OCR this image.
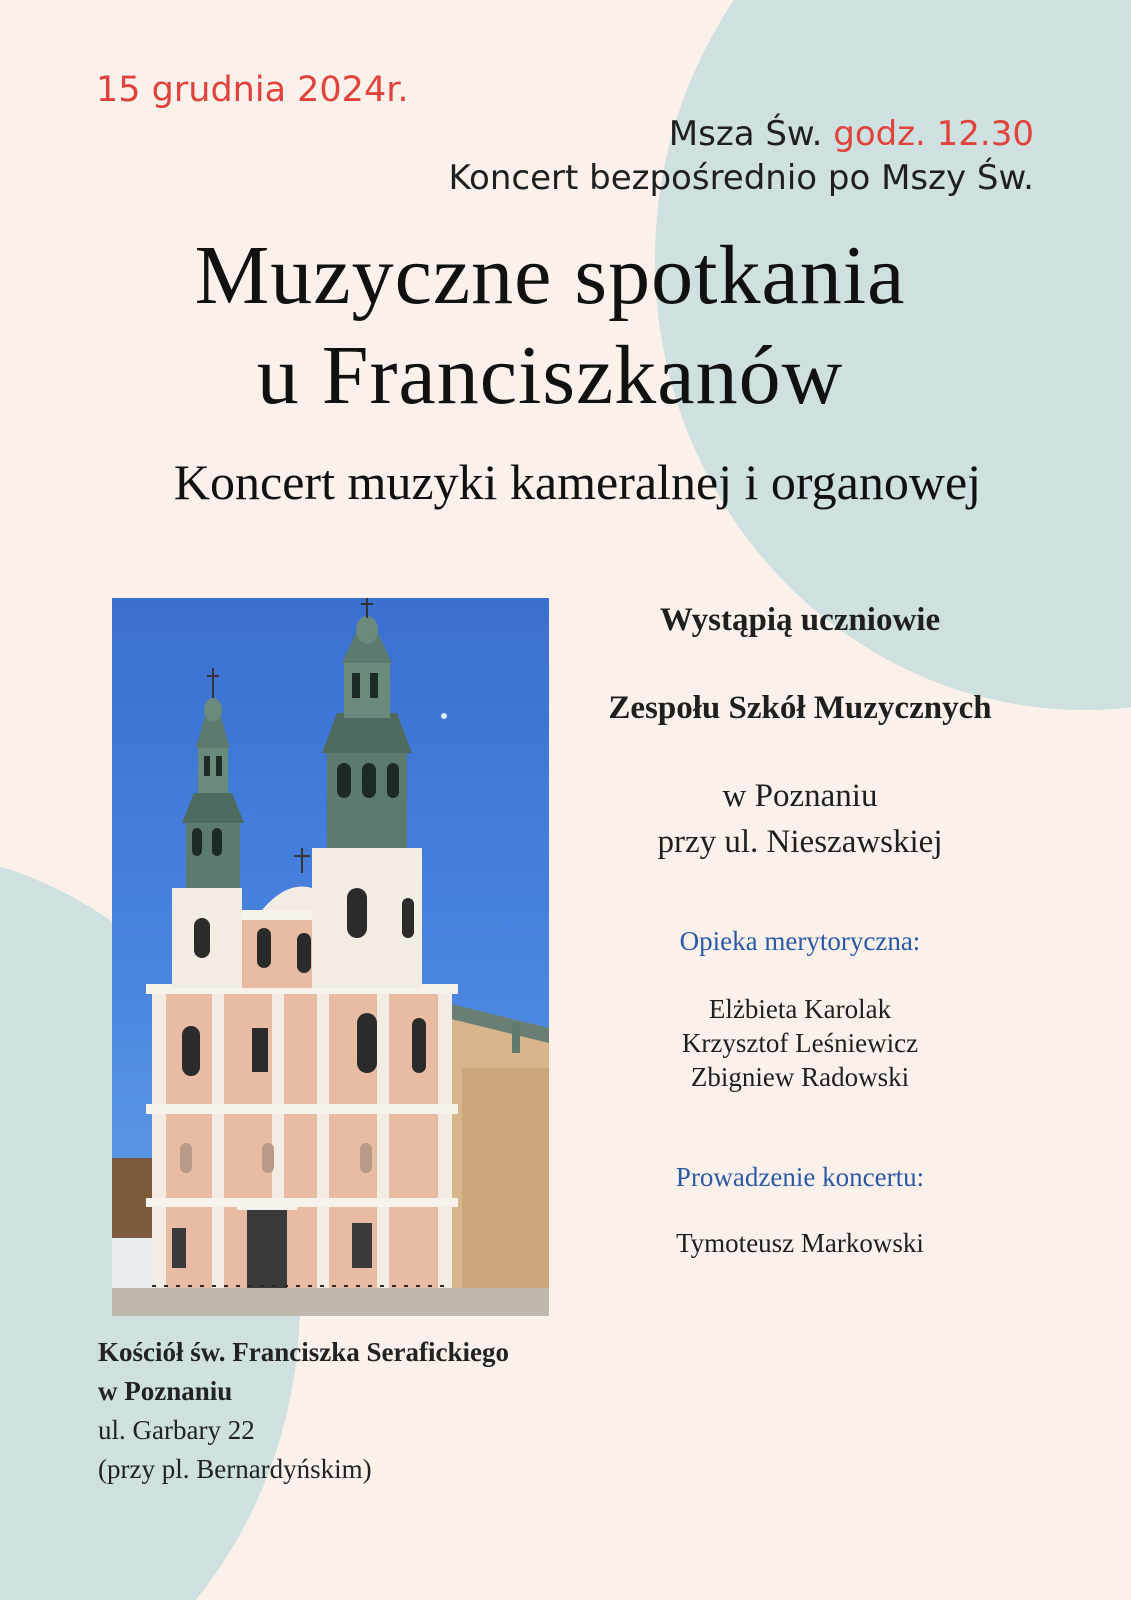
15 grudnia 2024r.

Msza Św. godz. 12.30
Koncert bezpośrednio po Mszy Św.
Muzyczne spotkania
u Franciszkanów

Koncert muzyki kameralnej i organowej

Wystąpią uczniowie

Zespołu Szkół Muzycznych

w Poznaniu

przy ul. Nieszawskiej

Opieka merytoryczna:

Elżbieta Karolak

Krzysztof Leśniewicz

Zbigniew Radowski

Prowadzenie koncertu:

Tymoteusz Markowski

Kościół św. Franciszka Serafickiego
w Poznaniu
ul. Garbary 22
(przy pl. Bernardyńskim)
